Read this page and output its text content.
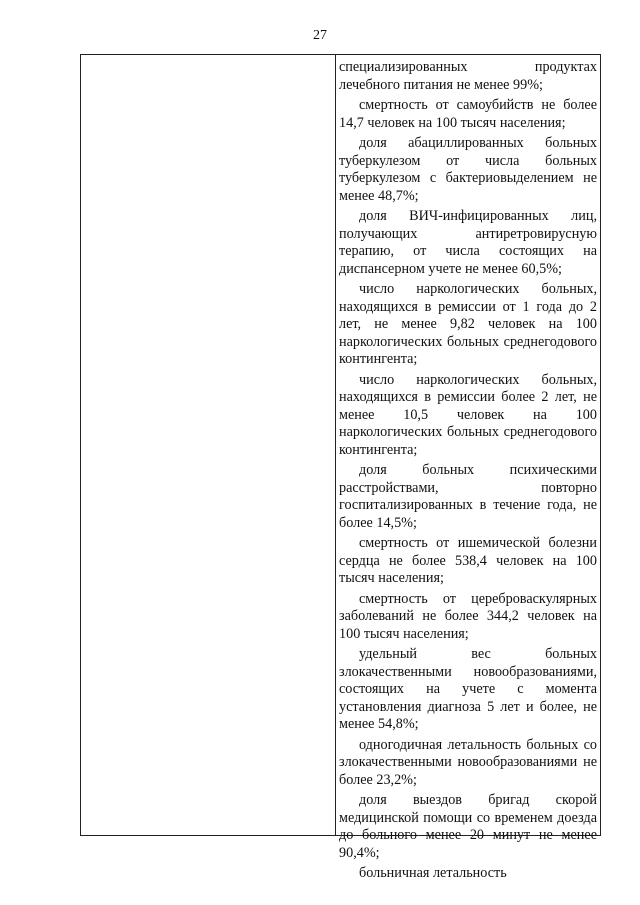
27

специализированных продуктах лечебного питания не менее 99%;

смертность от самоубийств не более 14,7 человек на 100 тысяч населения;

доля абациллированных больных туберкулезом от числа больных туберкулезом с бактериовыделением не менее 48,7%;

доля ВИЧ-инфицированных лиц, получающих антиретровирусную терапию, от числа состоящих на диспансерном учете не менее 60,5%;

число наркологических больных, находящихся в ремиссии от 1 года до 2 лет, не менее 9,82 человек на 100 наркологических больных среднегодового контингента;

число наркологических больных, находящихся в ремиссии более 2 лет, не менее 10,5 человек на 100 наркологических больных среднегодового контингента;

доля больных психическими расстройствами, повторно госпитализированных в течение года, не более 14,5%;

смертность от ишемической болезни сердца не более 538,4 человек на 100 тысяч населения;

смертность от цереброваскулярных заболеваний не более 344,2 человек на 100 тысяч населения;

удельный вес больных злокачественными новообразованиями, состоящих на учете с момента установления диагноза 5 лет и более, не менее 54,8%;

одногодичная летальность больных со злокачественными новообразованиями не более 23,2%;

доля выездов бригад скорой медицинской помощи со временем доезда до больного менее 20 минут не менее 90,4%;

больничная летальность
